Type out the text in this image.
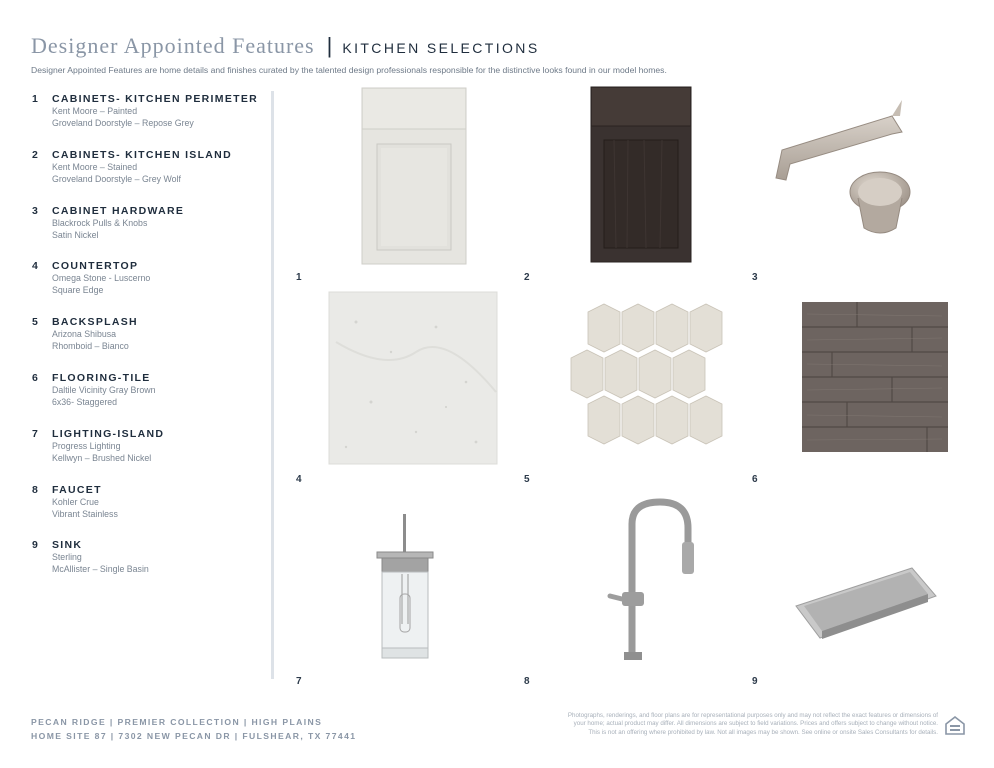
Designer Appointed Features | KITCHEN SELECTIONS
Designer Appointed Features are home details and finishes curated by the talented design professionals responsible for the distinctive looks found in our model homes.
1	CABINETS- KITCHEN PERIMETER
Kent Moore – Painted
Groveland Doorstyle – Repose Grey
2	CABINETS- KITCHEN ISLAND
Kent Moore – Stained
Groveland Doorstyle – Grey Wolf
3	CABINET HARDWARE
Blackrock Pulls & Knobs
Satin Nickel
4	COUNTERTOP
Omega Stone - Luscerno
Square Edge
5	BACKSPLASH
Arizona Shibusa
Rhomboid – Bianco
6	FLOORING-TILE
Daltile Vicinity Gray Brown
6x36- Staggered
7	LIGHTING-ISLAND
Progress Lighting
Kellwyn – Brushed Nickel
8	FAUCET
Kohler Crue
Vibrant Stainless
9	SINK
Sterling
McAllister – Single Basin
1	2	3
4	5	6
7	8	9
PECAN RIDGE | PREMIER COLLECTION | HIGH PLAINS
HOME SITE 87 | 7302 NEW PECAN DR | FULSHEAR, TX 77441
Photographs, renderings, and floor plans are for representational purposes only and may not reflect the exact features or dimensions of
your home; actual product may differ. All dimensions are subject to field variations. Prices and offers subject to change without notice.
This is not an offering where prohibited by law. Not all images may be shown. See online or onsite Sales Consultants for details.
